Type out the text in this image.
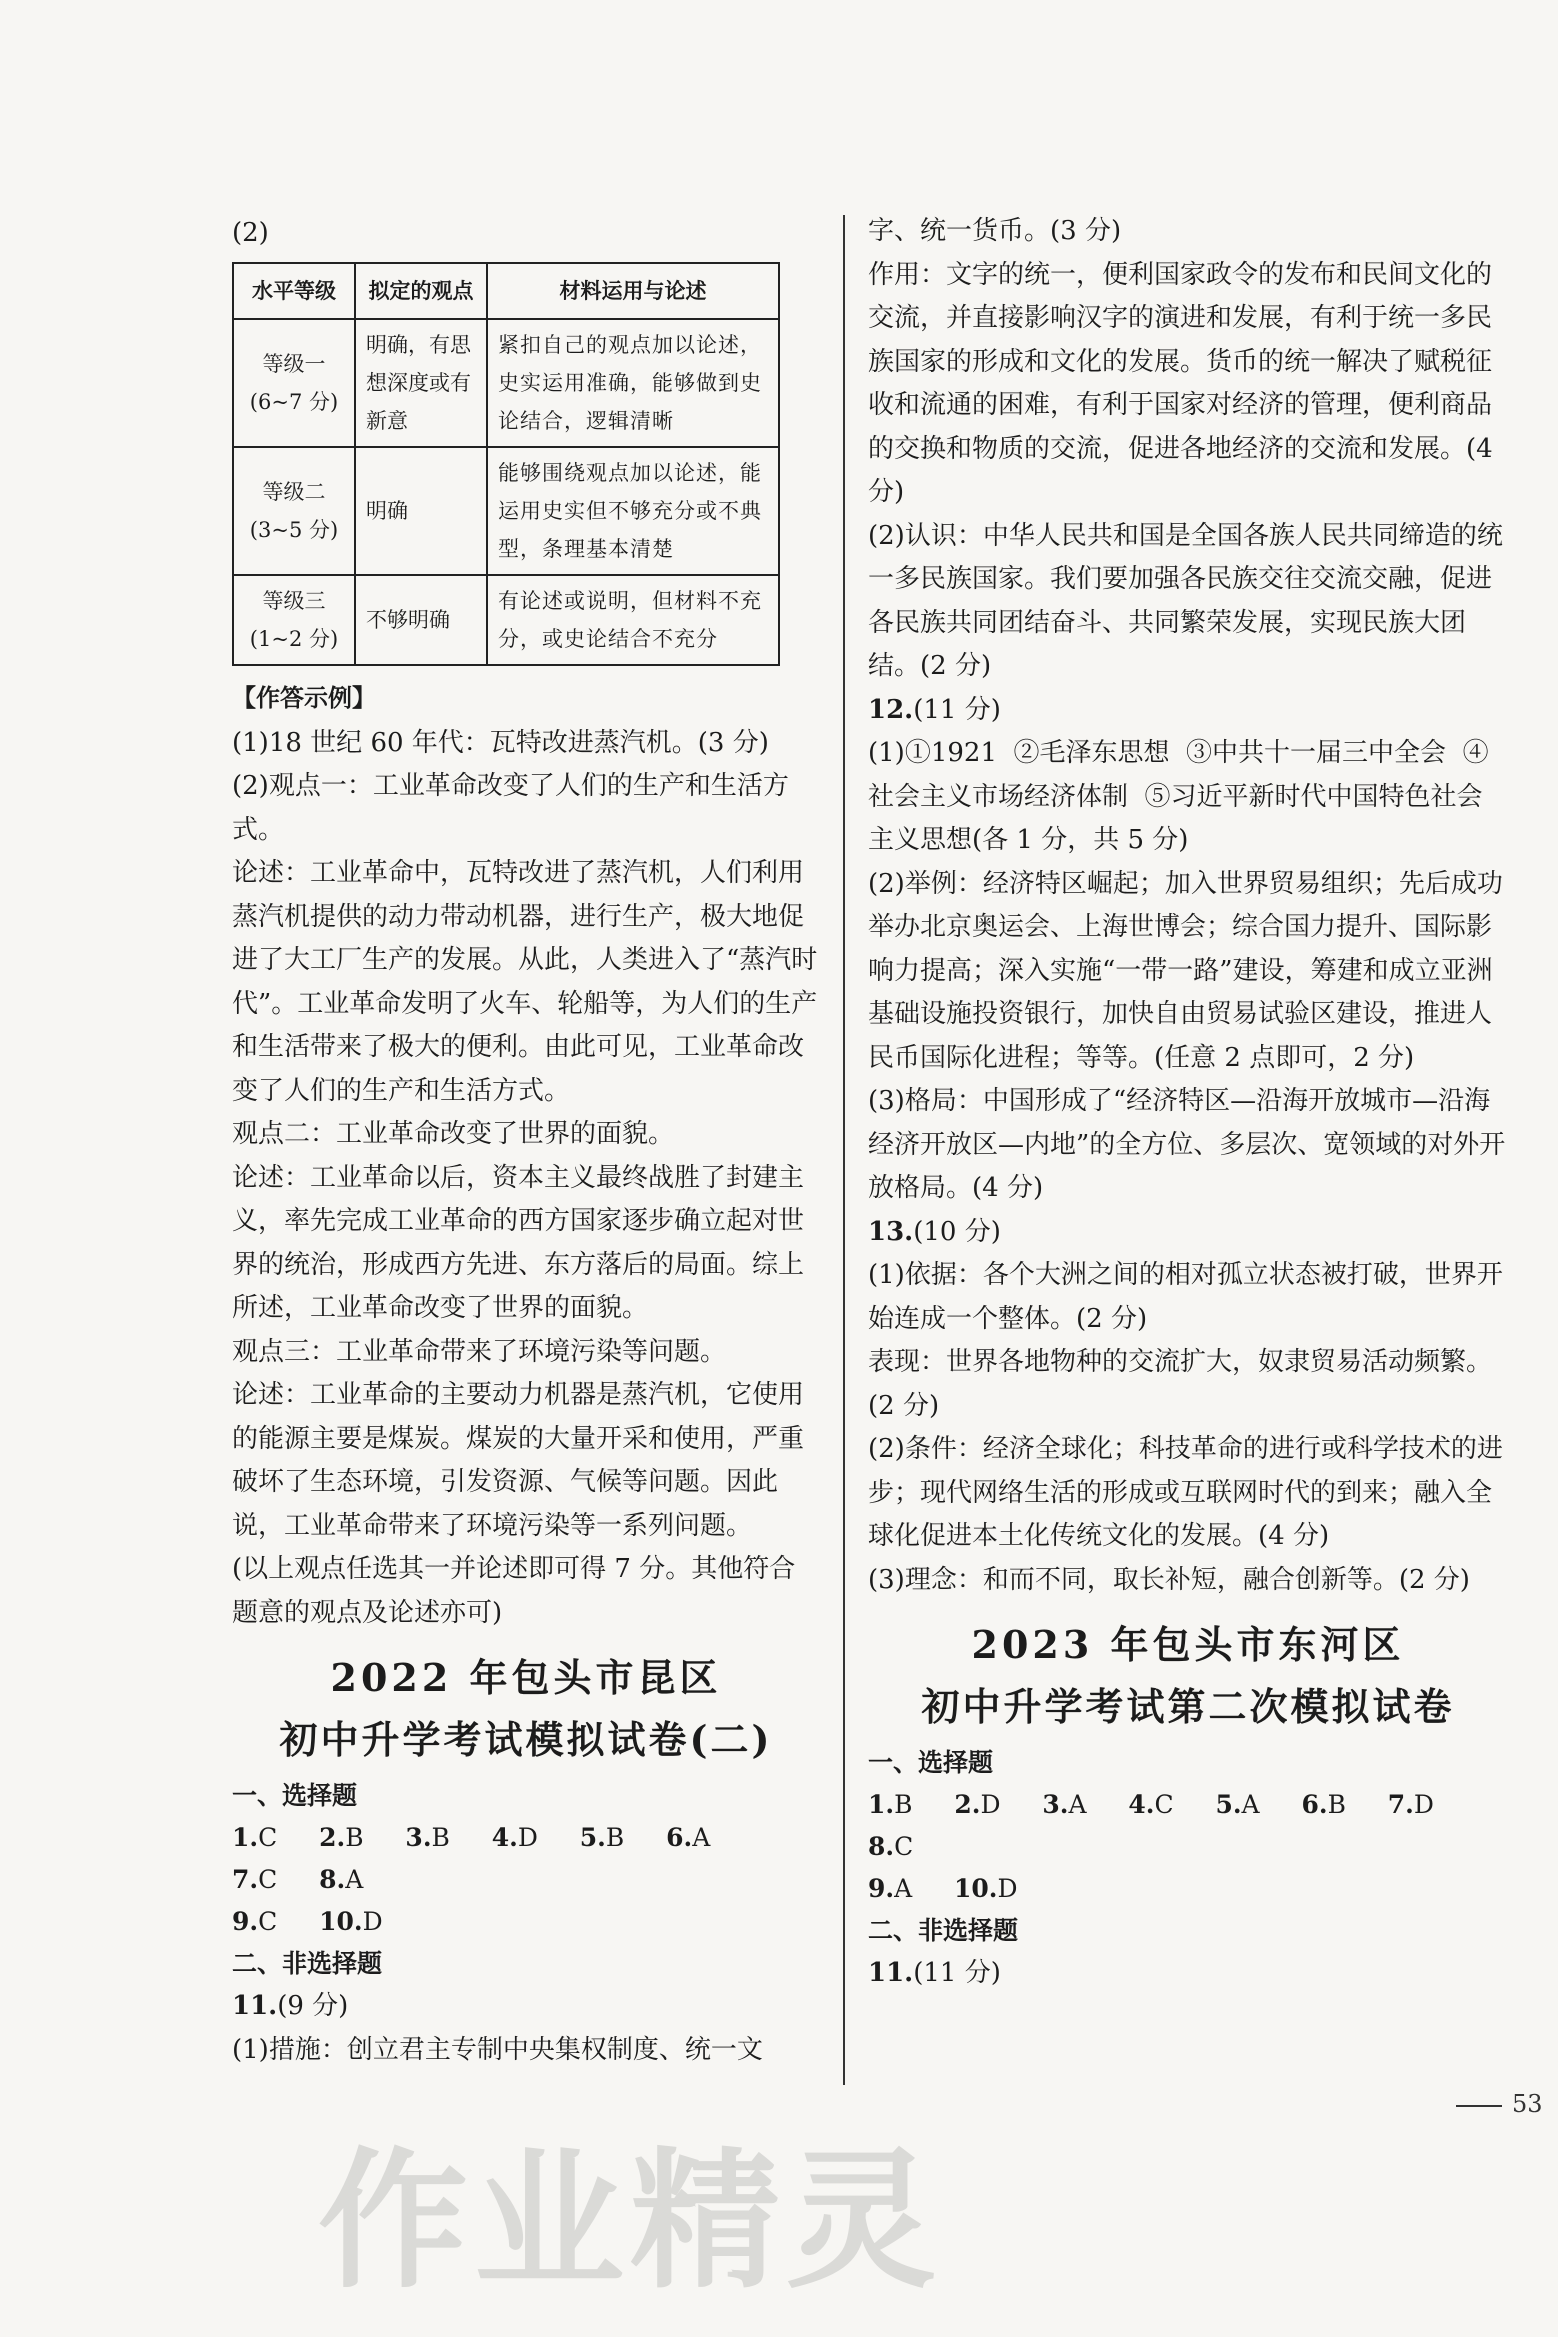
(2)

水平等级	拟定的观点	材料运用与论述
等级一
(6~7 分)	明确，有思想深度或有新意	紧扣自己的观点加以论述，史实运用准确，能够做到史论结合，逻辑清晰
等级二
(3~5 分)	明确	能够围绕观点加以论述，能运用史实但不够充分或不典型，条理基本清楚
等级三
(1~2 分)	不够明确	有论述或说明，但材料不充分，或史论结合不充分

【作答示例】

(1)18 世纪 60 年代：瓦特改进蒸汽机。(3 分)

(2)观点一：工业革命改变了人们的生产和生活方式。

论述：工业革命中，瓦特改进了蒸汽机，人们利用蒸汽机提供的动力带动机器，进行生产，极大地促进了大工厂生产的发展。从此，人类进入了“蒸汽时代”。工业革命发明了火车、轮船等，为人们的生产和生活带来了极大的便利。由此可见，工业革命改变了人们的生产和生活方式。

观点二：工业革命改变了世界的面貌。

论述：工业革命以后，资本主义最终战胜了封建主义，率先完成工业革命的西方国家逐步确立起对世界的统治，形成西方先进、东方落后的局面。综上所述，工业革命改变了世界的面貌。

观点三：工业革命带来了环境污染等问题。

论述：工业革命的主要动力机器是蒸汽机，它使用的能源主要是煤炭。煤炭的大量开采和使用，严重破坏了生态环境，引发资源、气候等问题。因此说，工业革命带来了环境污染等一系列问题。

(以上观点任选其一并论述即可得 7 分。其他符合题意的观点及论述亦可)

2022 年包头市昆区
初中升学考试模拟试卷(二)

一、选择题

1.C 2.B 3.B 4.D 5.B 6.A   7.C 8.A

9.C 10.D

二、非选择题

11.(9 分)

(1)措施：创立君主专制中央集权制度、统一文

字、统一货币。(3 分)

作用：文字的统一，便利国家政令的发布和民间文化的交流，并直接影响汉字的演进和发展，有利于统一多民族国家的形成和文化的发展。货币的统一解决了赋税征收和流通的困难，有利于国家对经济的管理，便利商品的交换和物质的交流，促进各地经济的交流和发展。(4 分)

(2)认识：中华人民共和国是全国各族人民共同缔造的统一多民族国家。我们要加强各民族交往交流交融，促进各民族共同团结奋斗、共同繁荣发展，实现民族大团结。(2 分)

12.(11 分)

(1)①1921  ②毛泽东思想  ③中共十一届三中全会  ④社会主义市场经济体制  ⑤习近平新时代中国特色社会主义思想(各 1 分，共 5 分)

(2)举例：经济特区崛起；加入世界贸易组织；先后成功举办北京奥运会、上海世博会；综合国力提升、国际影响力提高；深入实施“一带一路”建设，筹建和成立亚洲基础设施投资银行，加快自由贸易试验区建设，推进人民币国际化进程；等等。(任意 2 点即可，2 分)

(3)格局：中国形成了“经济特区—沿海开放城市—沿海经济开放区—内地”的全方位、多层次、宽领域的对外开放格局。(4 分)

13.(10 分)

(1)依据：各个大洲之间的相对孤立状态被打破，世界开始连成一个整体。(2 分)

表现：世界各地物种的交流扩大，奴隶贸易活动频繁。(2 分)

(2)条件：经济全球化；科技革命的进行或科学技术的进步；现代网络生活的形成或互联网时代的到来；融入全球化促进本土化传统文化的发展。(4 分)

(3)理念：和而不同，取长补短，融合创新等。(2 分)

2023 年包头市东河区
初中升学考试第二次模拟试卷

一、选择题

1.B 2.D 3.A 4.C 5.A 6.B 7.D   8.C

9.A 10.D

二、非选择题

11.(11 分)

53
作业精灵
